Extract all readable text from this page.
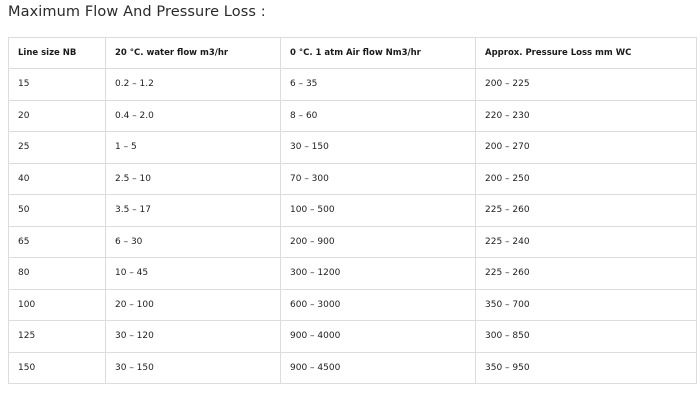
Maximum Flow And Pressure Loss :
Line size NB	20 °C. water flow m3/hr	0 °C. 1 atm Air flow Nm3/hr	Approx. Pressure Loss mm WC
15	0.2 – 1.2	6 – 35	200 – 225
20	0.4 – 2.0	8 – 60	220 – 230
25	1 – 5	30 – 150	200 – 270
40	2.5 – 10	70 – 300	200 – 250
50	3.5 – 17	100 – 500	225 – 260
65	6 – 30	200 – 900	225 – 240
80	10 – 45	300 – 1200	225 – 260
100	20 – 100	600 – 3000	350 – 700
125	30 – 120	900 – 4000	300 – 850
150	30 – 150	900 – 4500	350 – 950
